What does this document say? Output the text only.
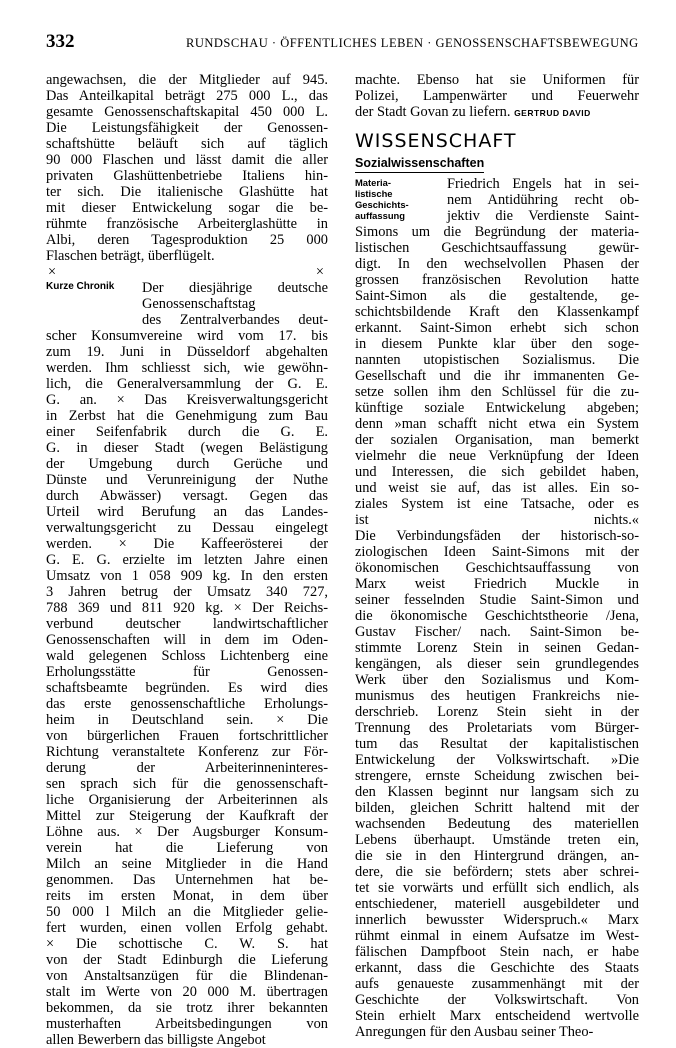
332	RUNDSCHAU · ÖFFENTLICHES LEBEN · GENOSSENSCHAFTSBEWEGUNG
angewachsen, die der Mitglieder auf 945.
Das Anteilkapital beträgt 275 000 L., das
gesamte Genossenschaftskapital 450 000 L.
Die Leistungsfähigkeit der Genossen-
schaftshütte beläuft sich auf täglich
90 000 Flaschen und lässt damit die aller
privaten Glashüttenbetriebe Italiens hin-
ter sich. Die italienische Glashütte hat
mit dieser Entwickelung sogar die be-
rühmte französische Arbeiterglashütte in
Albi, deren Tagesproduktion 25 000
Flaschen beträgt, überflügelt.
×	×
Kurze Chronik	Der diesjährige deutsche
Genossenschaftstag
des Zentralverbandes deut-
scher Konsumvereine wird vom 17. bis
zum 19. Juni in Düsseldorf abgehalten
werden. Ihm schliesst sich, wie gewöhn-
lich, die Generalversammlung der G. E.
G. an. × Das Kreisverwaltungsgericht
in Zerbst hat die Genehmigung zum Bau
einer Seifenfabrik durch die G. E.
G. in dieser Stadt (wegen Belästigung
der Umgebung durch Gerüche und
Dünste und Verunreinigung der Nuthe
durch Abwässer) versagt. Gegen das
Urteil wird Berufung an das Landes-
verwaltungsgericht zu Dessau eingelegt
werden. × Die Kaffeerösterei der
G. E. G. erzielte im letzten Jahre einen
Umsatz von 1 058 909 kg. In den ersten
3 Jahren betrug der Umsatz 340 727,
788 369 und 811 920 kg. × Der Reichs-
verbund deutscher landwirtschaftlicher
Genossenschaften will in dem im Oden-
wald gelegenen Schloss Lichtenberg eine
Erholungsstätte für Genossen-
schaftsbeamte begründen. Es wird dies
das erste genossenschaftliche Erholungs-
heim in Deutschland sein. × Die
von bürgerlichen Frauen fortschrittlicher
Richtung veranstaltete Konferenz zur För-
derung der Arbeiterinneninteres-
sen sprach sich für die genossenschaft-
liche Organisierung der Arbeiterinnen als
Mittel zur Steigerung der Kaufkraft der
Löhne aus. × Der Augsburger Konsum-
verein hat die Lieferung von
Milch an seine Mitglieder in die Hand
genommen. Das Unternehmen hat be-
reits im ersten Monat, in dem über
50 000 l Milch an die Mitglieder gelie-
fert wurden, einen vollen Erfolg gehabt.
× Die schottische C. W. S. hat
von der Stadt Edinburgh die Lieferung
von Anstaltsanzügen für die Blindenan-
stalt im Werte von 20 000 M. übertragen
bekommen, da sie trotz ihrer bekannten
musterhaften Arbeitsbedingungen von
allen Bewerbern das billigste Angebot
machte. Ebenso hat sie Uniformen für
Polizei, Lampenwärter und Feuerwehr
der Stadt Govan zu liefern. GERTRUD DAVID
WISSENSCHAFT
Sozialwissenschaften
Materia-
listische
Geschichts-
auffassung
Friedrich Engels hat in sei-
nem Antidühring recht ob-
jektiv die Verdienste Saint-
Simons um die Begründung der materia-
listischen Geschichtsauffassung gewür-
digt. In den wechselvollen Phasen der
grossen französischen Revolution hatte
Saint-Simon als die gestaltende, ge-
schichtsbildende Kraft den Klassenkampf
erkannt. Saint-Simon erhebt sich schon
in diesem Punkte klar über den soge-
nannten utopistischen Sozialismus. Die
Gesellschaft und die ihr immanenten Ge-
setze sollen ihm den Schlüssel für die zu-
künftige soziale Entwickelung abgeben;
denn »man schafft nicht etwa ein System
der sozialen Organisation, man bemerkt
vielmehr die neue Verknüpfung der Ideen
und Interessen, die sich gebildet haben,
und weist sie auf, das ist alles. Ein so-
ziales System ist eine Tatsache, oder es
ist nichts.«
Die Verbindungsfäden der historisch-so-
ziologischen Ideen Saint-Simons mit der
ökonomischen Geschichtsauffassung von
Marx weist Friedrich Muckle in
seiner fesselnden Studie Saint-Simon und
die ökonomische Geschichtstheorie /Jena,
Gustav Fischer/ nach. Saint-Simon be-
stimmte Lorenz Stein in seinen Gedan-
kengängen, als dieser sein grundlegendes
Werk über den Sozialismus und Kom-
munismus des heutigen Frankreichs nie-
derschrieb. Lorenz Stein sieht in der
Trennung des Proletariats vom Bürger-
tum das Resultat der kapitalistischen
Entwickelung der Volkswirtschaft. »Die
strengere, ernste Scheidung zwischen bei-
den Klassen beginnt nur langsam sich zu
bilden, gleichen Schritt haltend mit der
wachsenden Bedeutung des materiellen
Lebens überhaupt. Umstände treten ein,
die sie in den Hintergrund drängen, an-
dere, die sie befördern; stets aber schrei-
tet sie vorwärts und erfüllt sich endlich, als
entschiedener, materiell ausgebildeter und
innerlich bewusster Widerspruch.« Marx
rühmt einmal in einem Aufsatze im West-
fälischen Dampfboot Stein nach, er habe
erkannt, dass die Geschichte des Staats
aufs genaueste zusammenhängt mit der
Geschichte der Volkswirtschaft. Von
Stein erhielt Marx entscheidend wertvolle
Anregungen für den Ausbau seiner Theo-
